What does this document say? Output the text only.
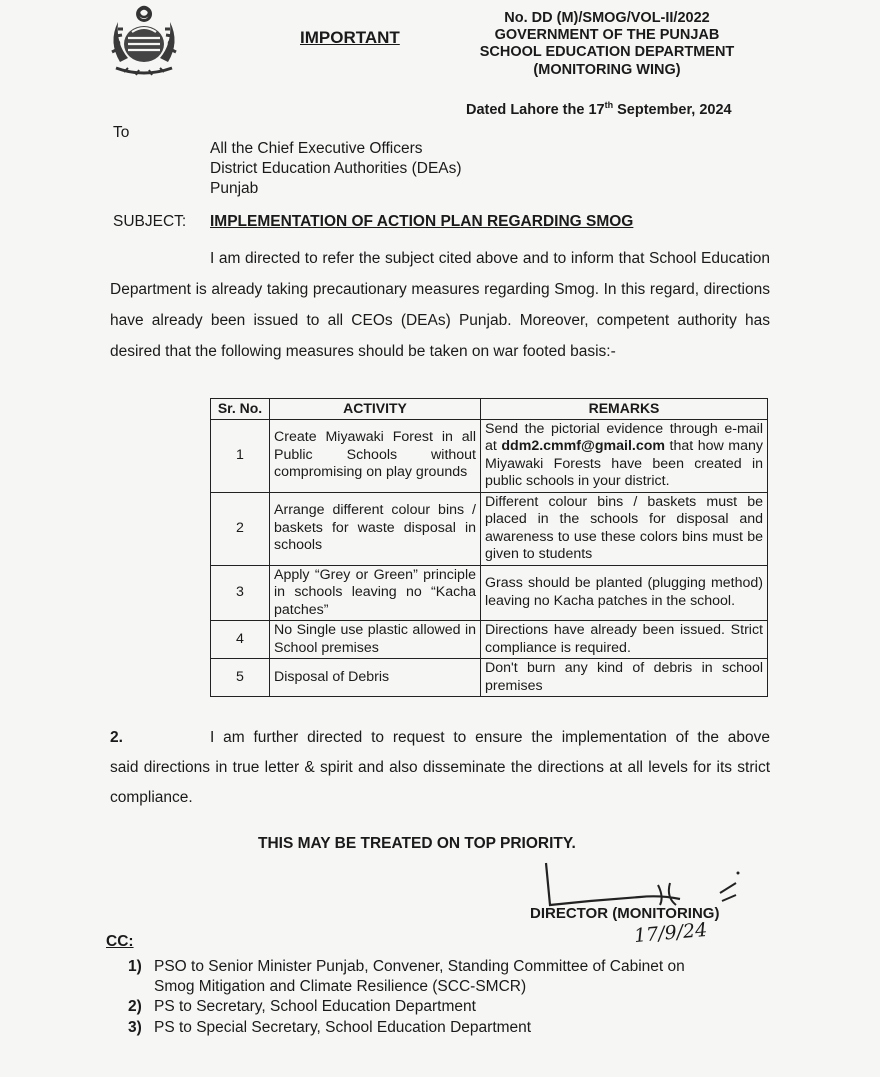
IMPORTANT
No. DD (M)/SMOG/VOL-II/2022
GOVERNMENT OF THE PUNJAB
SCHOOL EDUCATION DEPARTMENT
(MONITORING WING)
Dated Lahore the 17th September, 2024
To
All the Chief Executive Officers
District Education Authorities (DEAs)
Punjab
SUBJECT: IMPLEMENTATION OF ACTION PLAN REGARDING SMOG
I am directed to refer the subject cited above and to inform that School Education Department is already taking precautionary measures regarding Smog. In this regard, directions have already been issued to all CEOs (DEAs) Punjab. Moreover, competent authority has desired that the following measures should be taken on war footed basis:-
Sr. No.	ACTIVITY	REMARKS
1	Create Miyawaki Forest in all Public Schools without compromising on play grounds	Send the pictorial evidence through e-mail at ddm2.cmmf@gmail.com that how many Miyawaki Forests have been created in public schools in your district.
2	Arrange different colour bins / baskets for waste disposal in schools	Different colour bins / baskets must be placed in the schools for disposal and awareness to use these colors bins must be given to students
3	Apply “Grey or Green” principle in schools leaving no “Kacha patches”	Grass should be planted (plugging method) leaving no Kacha patches in the school.
4	No Single use plastic allowed in School premises	Directions have already been issued. Strict compliance is required.
5	Disposal of Debris	Don't burn any kind of debris in school premises
2.	I am further directed to request to ensure the implementation of the above
said directions in true letter & spirit and also disseminate the directions at all levels for its strict compliance.
THIS MAY BE TREATED ON TOP PRIORITY.
DIRECTOR (MONITORING)
17/9/24
CC:
1) PSO to Senior Minister Punjab, Convener, Standing Committee of Cabinet on
Smog Mitigation and Climate Resilience (SCC-SMCR)
2) PS to Secretary, School Education Department
3) PS to Special Secretary, School Education Department
